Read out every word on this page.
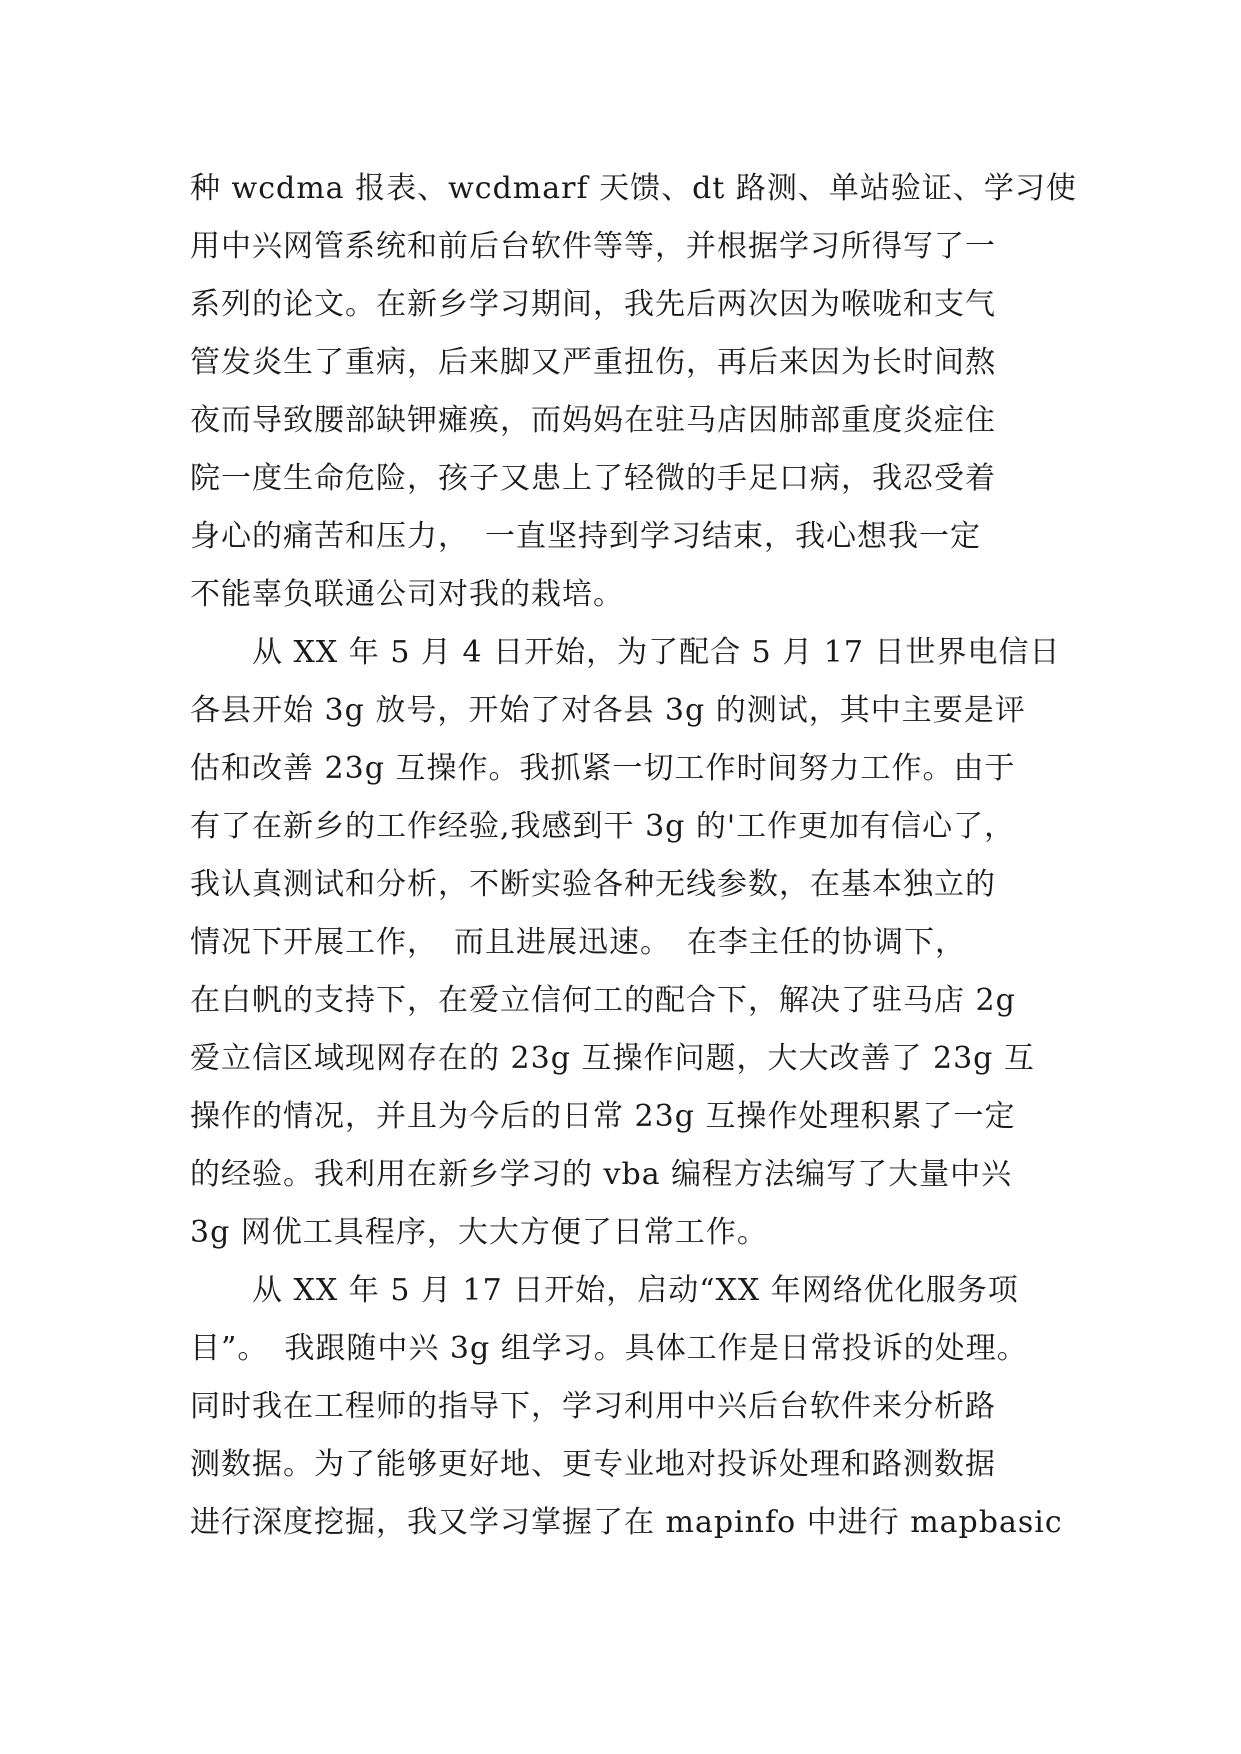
种 wcdma 报表、wcdmarf 天馈、dt 路测、单站验证、学习使
用中兴网管系统和前后台软件等等，并根据学习所得写了一
系列的论文。在新乡学习期间，我先后两次因为喉咙和支气
管发炎生了重病，后来脚又严重扭伤，再后来因为长时间熬
夜而导致腰部缺钾瘫痪，而妈妈在驻马店因肺部重度炎症住
院一度生命危险，孩子又患上了轻微的手足口病，我忍受着
身心的痛苦和压力，　一直坚持到学习结束，我心想我一定
不能辜负联通公司对我的栽培。
　　从 XX 年 5 月 4 日开始，为了配合 5 月 17 日世界电信日
各县开始 3g 放号，开始了对各县 3g 的测试，其中主要是评
估和改善 23g 互操作。我抓紧一切工作时间努力工作。由于
有了在新乡的工作经验,我感到干 3g 的'工作更加有信心了，
我认真测试和分析，不断实验各种无线参数，在基本独立的
情况下开展工作，　而且进展迅速。　在李主任的协调下，
在白帆的支持下，在爱立信何工的配合下，解决了驻马店 2g
爱立信区域现网存在的 23g 互操作问题，大大改善了 23g 互
操作的情况，并且为今后的日常 23g 互操作处理积累了一定
的经验。我利用在新乡学习的 vba 编程方法编写了大量中兴
3g 网优工具程序，大大方便了日常工作。
　　从 XX 年 5 月 17 日开始，启动“XX 年网络优化服务项
目”。　我跟随中兴 3g 组学习。具体工作是日常投诉的处理。
同时我在工程师的指导下，学习利用中兴后台软件来分析路
测数据。为了能够更好地、更专业地对投诉处理和路测数据
进行深度挖掘，我又学习掌握了在 mapinfo 中进行 mapbasic
